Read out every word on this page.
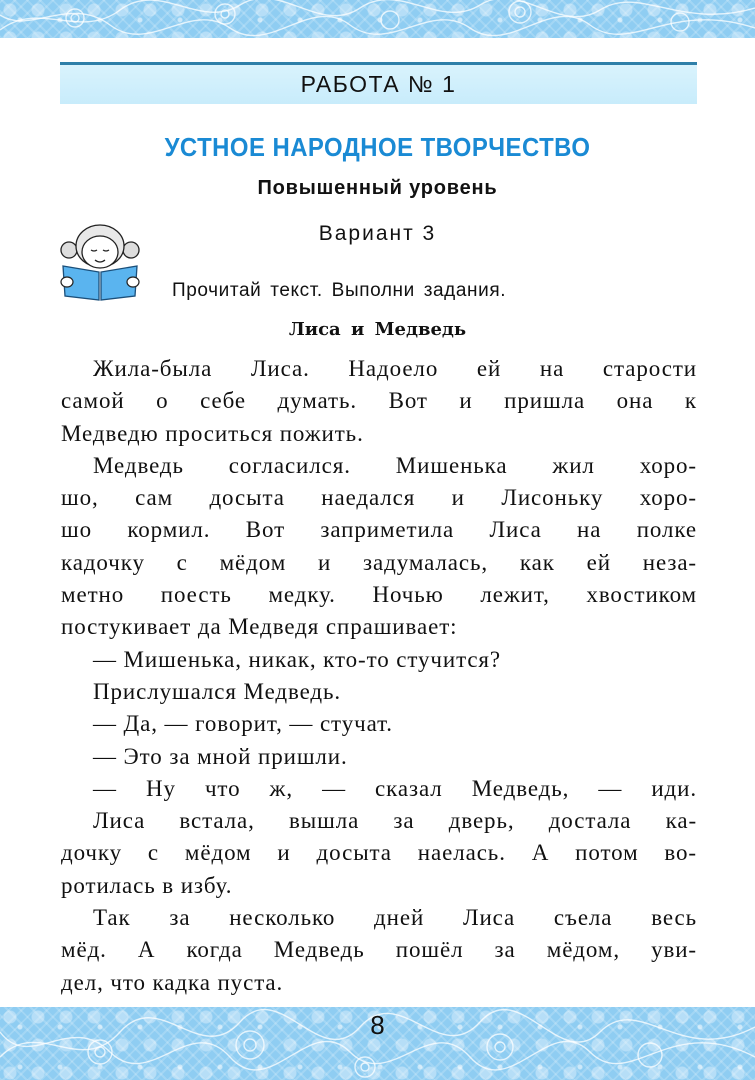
РАБОТА № 1
УСТНОЕ НАРОДНОЕ ТВОРЧЕСТВО
Повышенный уровень
Вариант 3
Прочитай текст. Выполни задания.
Лиса и Медведь
Жила-была Лиса. Надоело ей на старости
самой о себе думать. Вот и пришла она к
Медведю проситься пожить.
Медведь согласился. Мишенька жил хоро-
шо, сам досыта наедался и Лисоньку хоро-
шо кормил. Вот заприметила Лиса на полке
кадочку с мёдом и задумалась, как ей неза-
метно поесть медку. Ночью лежит, хвостиком
постукивает да Медведя спрашивает:
— Мишенька, никак, кто-то стучится?
Прислушался Медведь.
— Да, — говорит, — стучат.
— Это за мной пришли.
— Ну что ж, — сказал Медведь, — иди.
Лиса встала, вышла за дверь, достала ка-
дочку с мёдом и досыта наелась. А потом во-
ротилась в избу.
Так за несколько дней Лиса съела весь
мёд. А когда Медведь пошёл за мёдом, уви-
дел, что кадка пуста.
8
